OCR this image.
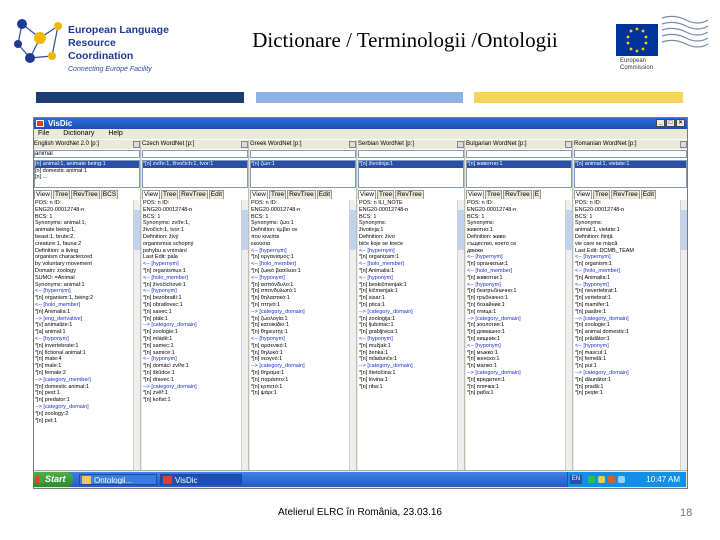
European Language
Resource Coordination
Connecting Europe Facility
Dictionare / Terminologii /Ontologii
European
Commission
VisDic	_ □ ×
File Dictionary Help
English WordNet 2.0 [p:]
animal
[n] animal:1, animate being:1
[n] domestic animal:1
[n] ...
View Tree RevTree BCS
POS: n ID:
ENG20-00012748-n
BCS: 1
Synonyms: animal:1,
animate being:1,
beast:1, brute:2,
creature:1, fauna:2
Definition: a living
organism characterized
by voluntary movement
Domain: zoology
SUMO: =Animal
Synonyms: animal:1
<-- [hypernym]
*[n] organism:1, being:2
<-- [holo_member]
*[n] Animalia:1
--> [eng_derivative]
*[v] animalize:1
*[a] animal:1
<-- [hyponym]
*[n] invertebrate:1
*[n] fictional animal:1
*[n] mate:4
*[n] male:1
*[n] female:2
--> [category_member]
*[n] domestic animal:1
*[n] pest:1
*[n] predator:1
--> [category_domain]
*[n] zoology:2
*[n] pet:1
Czech WordNet [p:]
*[n] zvíře:1, živočich:1, tvor:1
View Tree RevTree Edit
POS: n ID:
ENG20-00012748-n
BCS: 1
Synonyms: zvíře:1,
živočich:1, tvor:1
Definition: živý
organismus schopný
pohybu a vnímání
Last Edit: pala
<-- [hypernym]
*[n] organismus:1
<-- [holo_member]
*[n] živočichové:1
<-- [hyponym]
*[n] bezobratlí:1
*[n] obratlovec:1
*[n] savec:1
*[n] pták:1
--> [category_domain]
*[n] zoologie:1
*[n] mládě:1
*[n] samec:1
*[n] samice:1
<-- [hyponym]
*[n] domácí zvíře:1
*[n] škůdce:1
*[n] dravec:1
--> [category_domain]
*[n] zvěř:1
*[n] kořist:1
Greek WordNet [p:]
*[n] ζώο:1
View Tree RevTree Edit
POS: n ID:
ENG20-00012748-n
BCS: 1
Synonyms: ζώο:1
Definition: έμβιο ον
που κινείται
εκούσια
<-- [hypernym]
*[n] οργανισμός:1
<-- [holo_member]
*[n] ζωικό βασίλειο:1
<-- [hyponym]
*[n] ασπόνδυλο:1
*[n] σπονδυλωτό:1
*[n] θηλαστικό:1
*[n] πτηνό:1
--> [category_domain]
*[n] ζωολογία:1
*[n] κατοικίδιο:1
*[n] θηρευτής:1
<-- [hyponym]
*[n] αρσενικό:1
*[n] θηλυκό:1
*[n] νεογνό:1
--> [category_domain]
*[n] θήραμα:1
*[n] παράσιτο:1
*[n] ερπετό:1
*[n] ψάρι:1
Serbian WordNet [p:]
*[n] životinja:1
View Tree RevTree
POS: n ILI_NOTE
ENG20-00012748-n
BCS: 1
Synonyms:
životinja:1
Definition: živo
biće koje se kreće
<-- [hypernym]
*[n] organizam:1
<-- [holo_member]
*[n] Animalia:1
<-- [hyponym]
*[n] beskičmenjak:1
*[n] kičmenjak:1
*[n] sisar:1
*[n] ptica:1
--> [category_domain]
*[n] zoologija:1
*[n] ljubimac:1
*[n] grabljivica:1
<-- [hyponym]
*[n] mužjak:1
*[n] ženka:1
*[n] mladunče:1
--> [category_domain]
*[n] štetočina:1
*[n] lovina:1
*[n] riba:1
Bulgarian WordNet [p:]
*[n] животно:1
View Tree RevTree E
POS: n ID:
ENG20-00012748-n
BCS: 1
Synonyms:
животно:1
Definition: живо
същество, което се
движи
<-- [hypernym]
*[n] организъм:1
<-- [holo_member]
*[n] животни:1
<-- [hyponym]
*[n] безгръбначно:1
*[n] гръбначно:1
*[n] бозайник:1
*[n] птица:1
--> [category_domain]
*[n] зоология:1
*[n] домашно:1
*[n] хищник:1
<-- [hyponym]
*[n] мъжко:1
*[n] женско:1
*[n] малко:1
--> [category_domain]
*[n] вредител:1
*[n] плячка:1
*[n] риба:1
Romanian WordNet [p:]
*[n] animal:1, vietate:1
View Tree RevTree Edit
POS: n ID:
ENG20-00012748-n
BCS: 1
Synonyms:
animal:1, vietate:1
Definition: ființă
vie care se mișcă
Last Edit: DCMB_TEAM
<-- [hypernym]
*[n] organism:1
<-- [holo_member]
*[n] Animalia:1
<-- [hyponym]
*[n] nevertebrat:1
*[n] vertebrat:1
*[n] mamifer:1
*[n] pasăre:1
--> [category_domain]
*[n] zoologie:1
*[n] animal domestic:1
*[n] prădător:1
<-- [hyponym]
*[n] mascul:1
*[n] femelă:1
*[n] pui:1
--> [category_domain]
*[n] dăunător:1
*[n] pradă:1
*[n] pește:1
Start	Ontologii...	VisDic	EN	10:47 AM
Atelierul ELRC în România, 23.03.16	18
